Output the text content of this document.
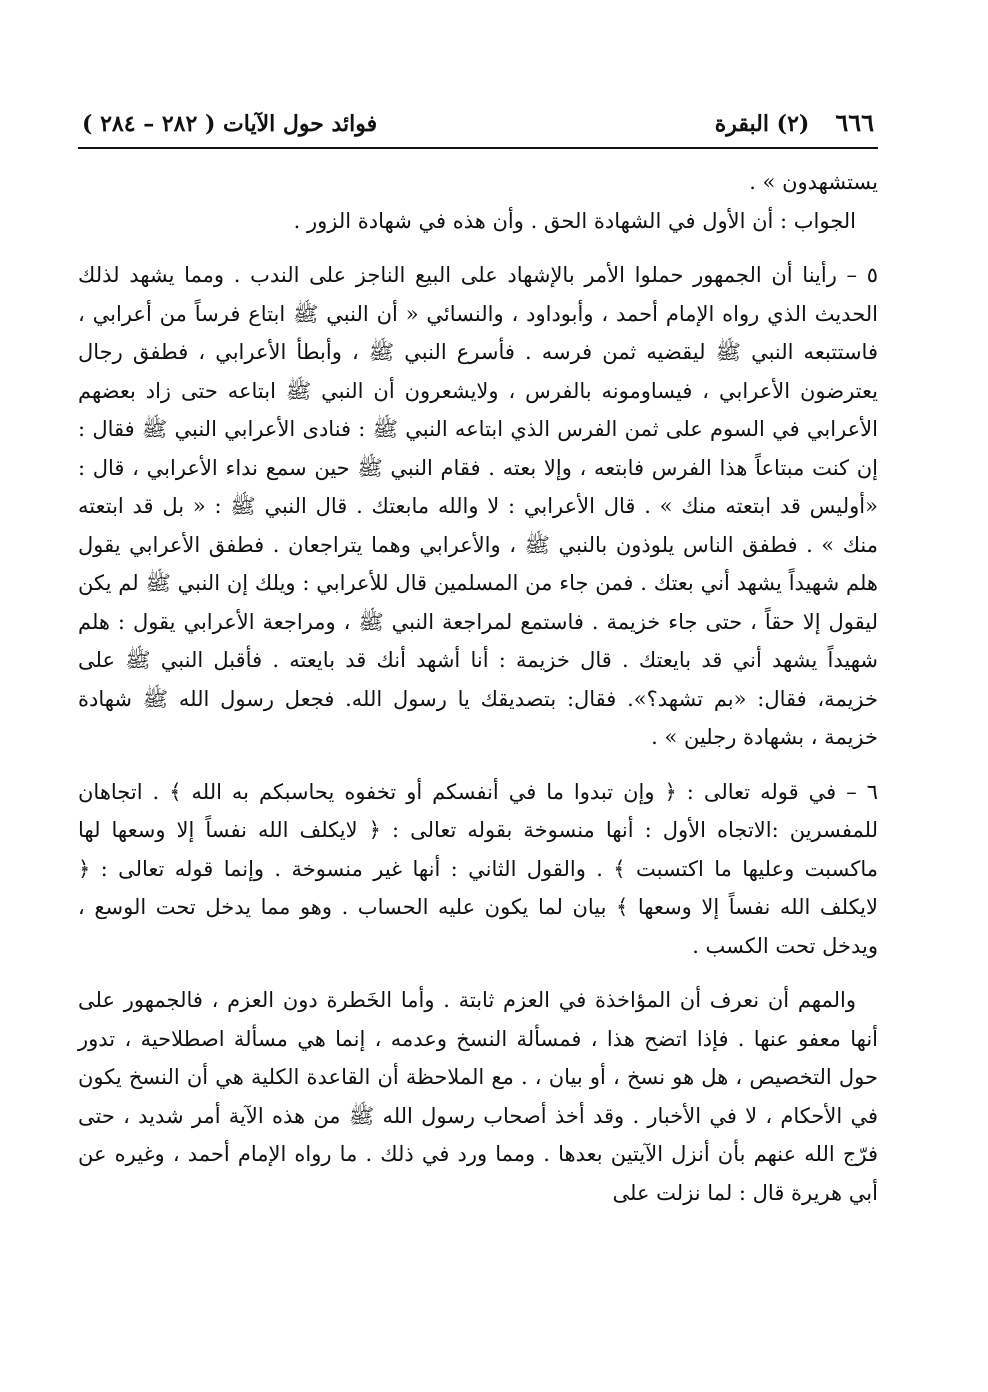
٦٦٦
(٢) البقرة
فوائد حول الآيات ( ٢٨٢ – ٢٨٤ )

يستشهدون » .

الجواب : أن الأول في الشهادة الحق . وأن هذه في شهادة الزور .

٥ – رأينا أن الجمهور حملوا الأمر بالإشهاد على البيع الناجز على الندب . ومما يشهد لذلك الحديث الذي رواه الإمام أحمد ، وأبوداود ، والنسائي « أن النبي ﷺ ابتاع فرساً من أعرابي ، فاستتبعه النبي ﷺ ليقضيه ثمن فرسه . فأسرع النبي ﷺ ، وأبطأ الأعرابي ، فطفق رجال يعترضون الأعرابي ، فيساومونه بالفرس ، ولايشعرون أن النبي ﷺ ابتاعه حتى زاد بعضهم الأعرابي في السوم على ثمن الفرس الذي ابتاعه النبي ﷺ : فنادى الأعرابي النبي ﷺ فقال : إن كنت مبتاعاً هذا الفرس فابتعه ، وإلا بعته . فقام النبي ﷺ حين سمع نداء الأعرابي ، قال : «أوليس قد ابتعته منك » . قال الأعرابي : لا والله مابعتك . قال النبي ﷺ : « بل قد ابتعته منك » . فطفق الناس يلوذون بالنبي ﷺ ، والأعرابي وهما يتراجعان . فطفق الأعرابي يقول هلم شهيداً يشهد أني بعتك . فمن جاء من المسلمين قال للأعرابي : ويلك إن النبي ﷺ لم يكن ليقول إلا حقاً ، حتى جاء خزيمة . فاستمع لمراجعة النبي ﷺ ، ومراجعة الأعرابي يقول : هلم شهيداً يشهد أني قد بايعتك . قال خزيمة : أنا أشهد أنك قد بايعته . فأقبل النبي ﷺ على خزيمة، فقال: «بم تشهد؟». فقال: بتصديقك يا رسول الله. فجعل رسول الله ﷺ شهادة خزيمة ، بشهادة رجلين » .

٦ – في قوله تعالى : ﴿ وإن تبدوا ما في أنفسكم أو تخفوه يحاسبكم به الله ﴾ . اتجاهان للمفسرين :الاتجاه الأول : أنها منسوخة بقوله تعالى : ﴿ لايكلف الله نفساً إلا وسعها لها ماكسبت وعليها ما اكتسبت ﴾ . والقول الثاني : أنها غير منسوخة . وإنما قوله تعالى : ﴿ لايكلف الله نفساً إلا وسعها ﴾ بيان لما يكون عليه الحساب . وهو مما يدخل تحت الوسع ، ويدخل تحت الكسب .

والمهم أن نعرف أن المؤاخذة في العزم ثابتة . وأما الخَطرة دون العزم ، فالجمهور على أنها معفو عنها . فإذا اتضح هذا ، فمسألة النسخ وعدمه ، إنما هي مسألة اصطلاحية ، تدور حول التخصيص ، هل هو نسخ ، أو بيان ، . مع الملاحظة أن القاعدة الكلية هي أن النسخ يكون في الأحكام ، لا في الأخبار . وقد أخذ أصحاب رسول الله ﷺ من هذه الآية أمر شديد ، حتى فرّج الله عنهم بأن أنزل الآيتين بعدها . ومما ورد في ذلك . ما رواه الإمام أحمد ، وغيره عن أبي هريرة قال : لما نزلت على
